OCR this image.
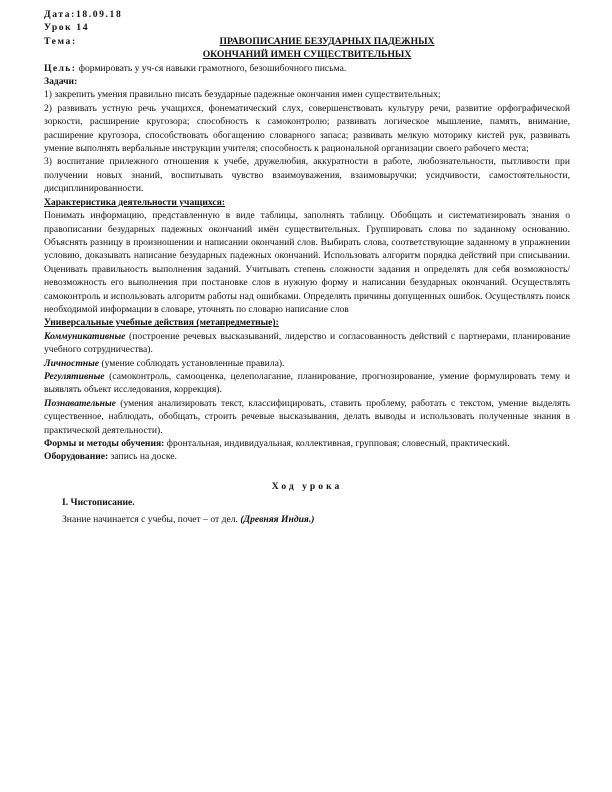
Дата:18.09.18
Урок 14
Тема:	ПРАВОПИСАНИЕ БЕЗУДАРНЫХ ПАДЕЖНЫХ
ОКОНЧАНИЙ ИМЕН СУЩЕСТВИТЕЛЬНЫХ

Цель: формировать у уч-ся навыки грамотного, безошибочного письма.

Задачи:

1) закрепить умения правильно писать безударные падежные окончания имен существительных;

2) развивать устную речь учащихся, фонематический слух, совершенствовать культуру речи, развитие орфографической зоркости, расширение кругозора; способность к самоконтролю; развивать логическое мышление, память, внимание, расширение кругозора, способствовать обогащению словарного запаса; развивать мелкую моторику кистей рук, развивать умение выполнять вербальные инструкции учителя; способность к рациональной организации своего рабочего места;

3) воспитание прилежного отношения к учебе, дружелюбия, аккуратности в работе, любознательности, пытливости при получении новых знаний, воспитывать чувство взаимоуважения, взаимовыручки; усидчивости, самостоятельности, дисциплинированности.

Характеристика деятельности учащихся:

Понимать информацию, представленную в виде таблицы, заполнять таблицу. Обобщать и систематизировать знания о правописании безударных падежных окончаний имён существительных. Группировать слова по заданному основанию. Объяснять разницу в произношении и написании окончаний слов. Выбирать слова, соответствующие заданному в упражнении условию, доказывать написание безударных падежных окончаний. Использовать алгоритм порядка действий при списывании. Оценивать правильность выполнения заданий. Учитывать степень сложности задания и определять для себя возможность/невозможность его выполнения при постановке слов в нужную форму и написании безударных окончаний. Осуществлять самоконтроль и использовать алгоритм работы над ошибками. Определять причины допущенных ошибок. Осуществлять поиск необходимой информации в словаре, уточнять по словарю написание слов

Универсальные учебные действия (метапредметные):

Коммуникативные (построение речевых высказываний, лидерство и согласованность действий с партнерами, планирование учебного сотрудничества).

Личностные (умение соблюдать установленные правила).

Регулятивные (самоконтроль, самооценка, целеполагание, планирование, прогнозирование, умение формулировать тему и выявлять объект исследования, коррекция).

Познавательные (умения анализировать текст, классифицировать, ставить проблему, работать с текстом, умение выделять существенное, наблюдать, обобщать, строить речевые высказывания, делать выводы и использовать полученные знания в практической деятельности).

Формы и методы обучения: фронтальная, индивидуальная, коллективная, групповая; словесный, практический.

Оборудование: запись на доске.

Ход урока
I. Чистописание.

Знание начинается с учебы, почет – от дел. (Древняя Индия.)
